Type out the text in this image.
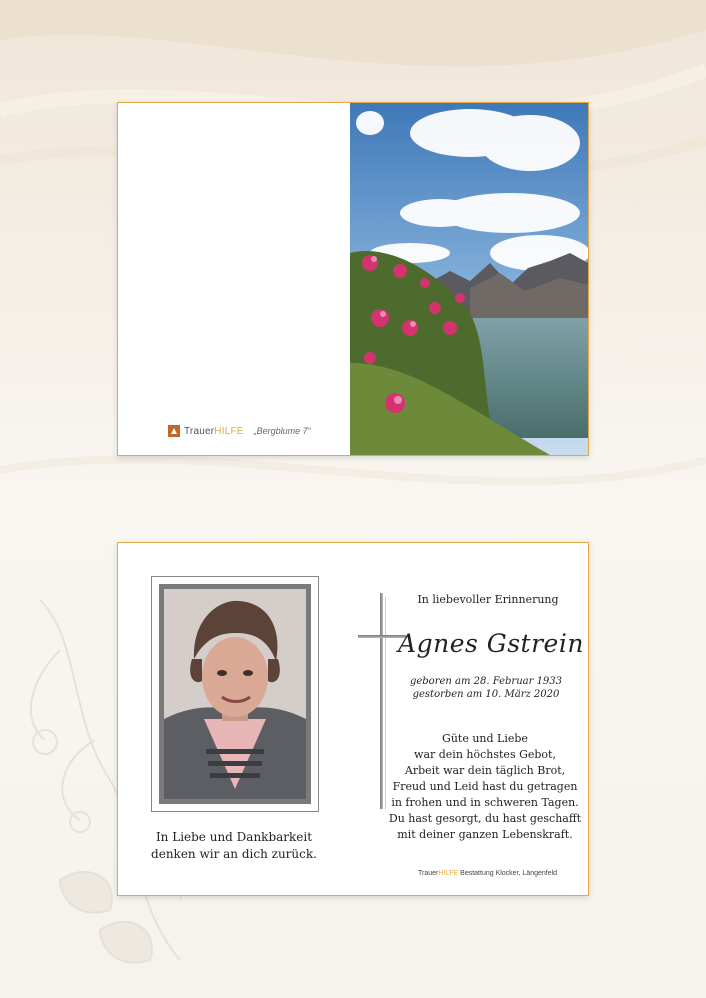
TrauerHILFE „Bergblume 7“
In Liebe und Dankbarkeit
denken wir an dich zurück.
In liebevoller Erinnerung
Agnes Gstrein
geboren am 28. Februar 1933
gestorben am 10. März 2020
Güte und Liebe
war dein höchstes Gebot,
Arbeit war dein täglich Brot,
Freud und Leid hast du getragen
in frohen und in schweren Tagen.
Du hast gesorgt, du hast geschafft
mit deiner ganzen Lebenskraft.
TrauerHILFE Bestattung Klocker, Längenfeld
